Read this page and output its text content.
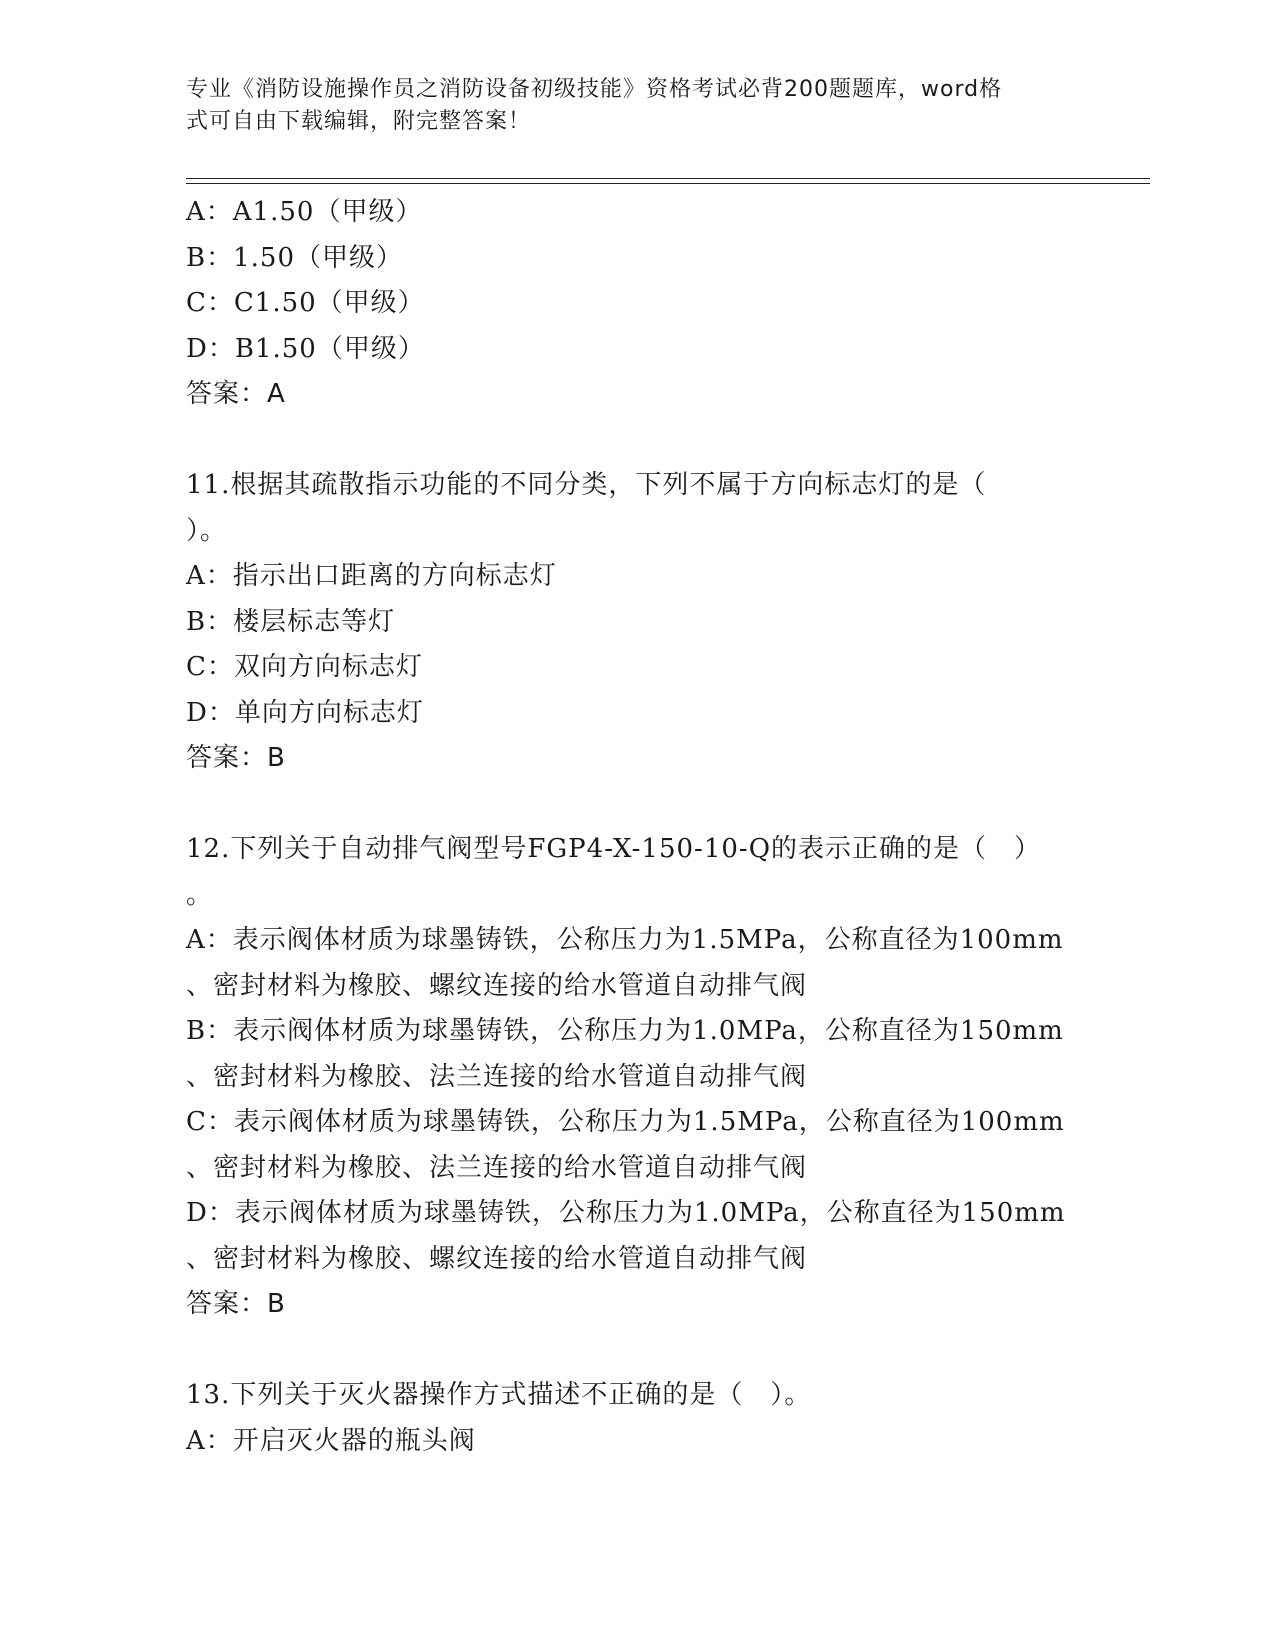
专业《消防设施操作员之消防设备初级技能》资格考试必背200题题库，word格
式可自由下载编辑，附完整答案！
A：A1.50（甲级）
B：1.50（甲级）
C：C1.50（甲级）
D：B1.50（甲级）
答案：A
11.根据其疏散指示功能的不同分类，下列不属于方向标志灯的是（
）。
A：指示出口距离的方向标志灯
B：楼层标志等灯
C：双向方向标志灯
D：单向方向标志灯
答案：B
12.下列关于自动排气阀型号FGP4-X-150-10-Q的表示正确的是（　）
。
A：表示阀体材质为球墨铸铁，公称压力为1.5MPa，公称直径为100mm
、密封材料为橡胶、螺纹连接的给水管道自动排气阀
B：表示阀体材质为球墨铸铁，公称压力为1.0MPa，公称直径为150mm
、密封材料为橡胶、法兰连接的给水管道自动排气阀
C：表示阀体材质为球墨铸铁，公称压力为1.5MPa，公称直径为100mm
、密封材料为橡胶、法兰连接的给水管道自动排气阀
D：表示阀体材质为球墨铸铁，公称压力为1.0MPa，公称直径为150mm
、密封材料为橡胶、螺纹连接的给水管道自动排气阀
答案：B
13.下列关于灭火器操作方式描述不正确的是（　）。
A：开启灭火器的瓶头阀
